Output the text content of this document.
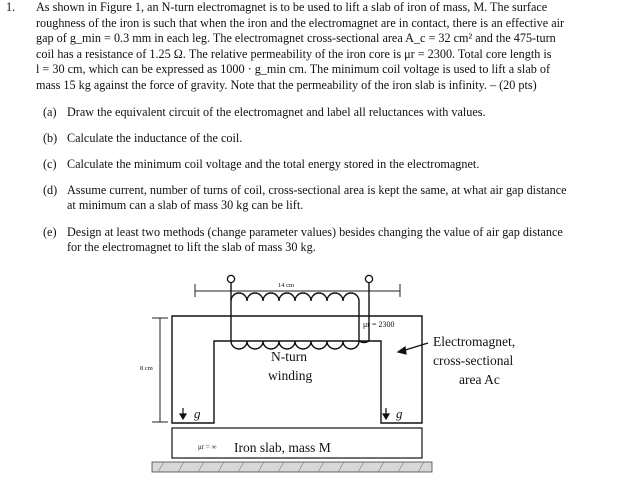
1. As shown in Figure 1, an N-turn electromagnet is to be used to lift a slab of iron of mass, M. The surface
roughness of the iron is such that when the iron and the electromagnet are in contact, there is an effective air
gap of g_min = 0.3 mm in each leg. The electromagnet cross-sectional area A_c = 32 cm² and the 475-turn
coil has a resistance of 1.25 Ω. The relative permeability of the iron core is μr = 2300. Total core length is
l = 30 cm, which can be expressed as 1000 · g_min cm. The minimum coil voltage is used to lift a slab of
mass 15 kg against the force of gravity. Note that the permeability of the iron slab is infinity. – (20 pts)
(a) Draw the equivalent circuit of the electromagnet and label all reluctances with values.
(b) Calculate the inductance of the coil.
(c) Calculate the minimum coil voltage and the total energy stored in the electromagnet.
(d) Assume current, number of turns of coil, cross-sectional area is kept the same, at what air gap distance
at minimum can a slab of mass 30 kg can be lift.
(e) Design at least two methods (change parameter values) besides changing the value of air gap distance
for the electromagnet to lift the slab of mass 30 kg.
14 cm
8 cm
μr = 2300
N-turn
winding
g	g
μr = ∞ Iron slab, mass M
Electromagnet,
cross-sectional
area Ac
